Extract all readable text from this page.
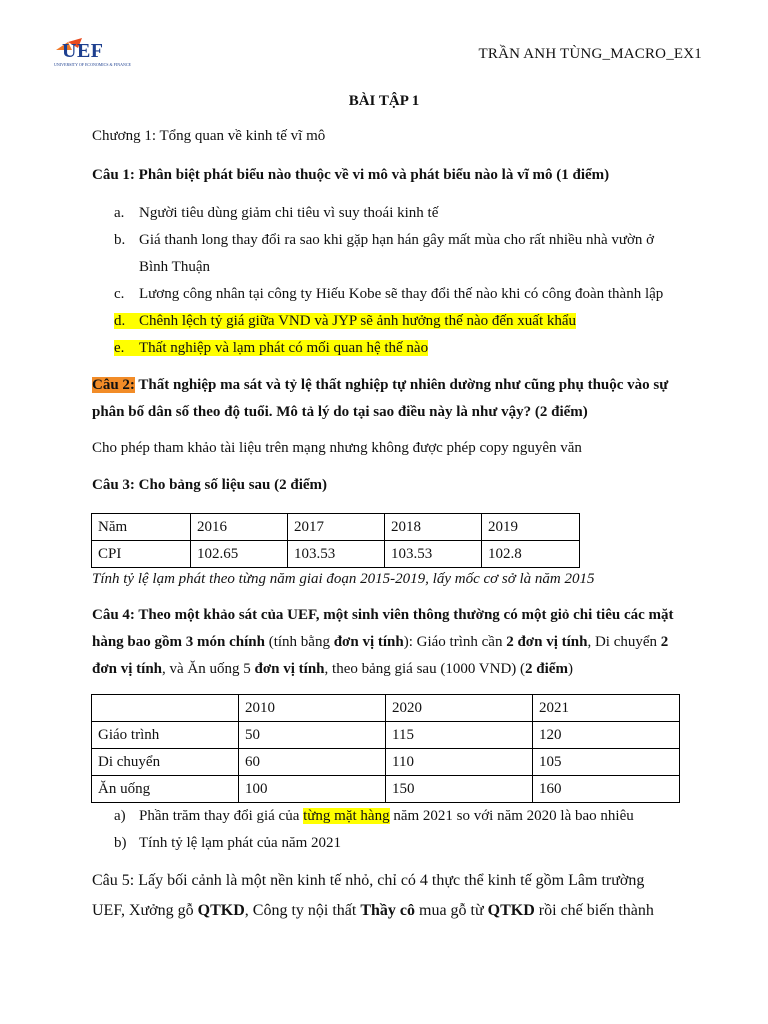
UEF
UNIVERSITY OF ECONOMICS & FINANCE
TRẦN ANH TÙNG_MACRO_EX1
BÀI TẬP 1
Chương 1: Tổng quan về kinh tế vĩ mô
Câu 1: Phân biệt phát biểu nào thuộc về vi mô và phát biểu nào là vĩ mô (1 điểm)
a. Người tiêu dùng giảm chi tiêu vì suy thoái kinh tế
b. Giá thanh long thay đổi ra sao khi gặp hạn hán gây mất mùa cho rất nhiều nhà vườn ở
Bình Thuận
c. Lương công nhân tại công ty Hiếu Kobe sẽ thay đổi thế nào khi có công đoàn thành lập
d. Chênh lệch tỷ giá giữa VND và JYP sẽ ảnh hưởng thế nào đến xuất khẩu
e. Thất nghiệp và lạm phát có mối quan hệ thế nào
Câu 2: Thất nghiệp ma sát và tỷ lệ thất nghiệp tự nhiên dường như cũng phụ thuộc vào sự
phân bố dân số theo độ tuổi. Mô tả lý do tại sao điều này là như vậy? (2 điểm)
Cho phép tham khảo tài liệu trên mạng nhưng không được phép copy nguyên văn
Câu 3: Cho bảng số liệu sau (2 điểm)
Năm	2016	2017	2018	2019
CPI	102.65	103.53	103.53	102.8
Tính tỷ lệ lạm phát theo từng năm giai đoạn 2015-2019, lấy mốc cơ sở là năm 2015
Câu 4: Theo một khảo sát của UEF, một sinh viên thông thường có một giỏ chi tiêu các mặt
hàng bao gồm 3 món chính (tính bằng đơn vị tính): Giáo trình cần 2 đơn vị tính, Di chuyển 2
đơn vị tính, và Ăn uống 5 đơn vị tính, theo bảng giá sau (1000 VND) (2 điểm)
	2010	2020	2021
Giáo trình	50	115	120
Di chuyển	60	110	105
Ăn uống	100	150	160
a) Phần trăm thay đổi giá của từng mặt hàng năm 2021 so với năm 2020 là bao nhiêu
b) Tính tỷ lệ lạm phát của năm 2021
Câu 5: Lấy bối cảnh là một nền kinh tế nhỏ, chỉ có 4 thực thể kinh tế gồm Lâm trường
UEF, Xưởng gỗ QTKD, Công ty nội thất Thầy cô mua gỗ từ QTKD rồi chế biến thành
